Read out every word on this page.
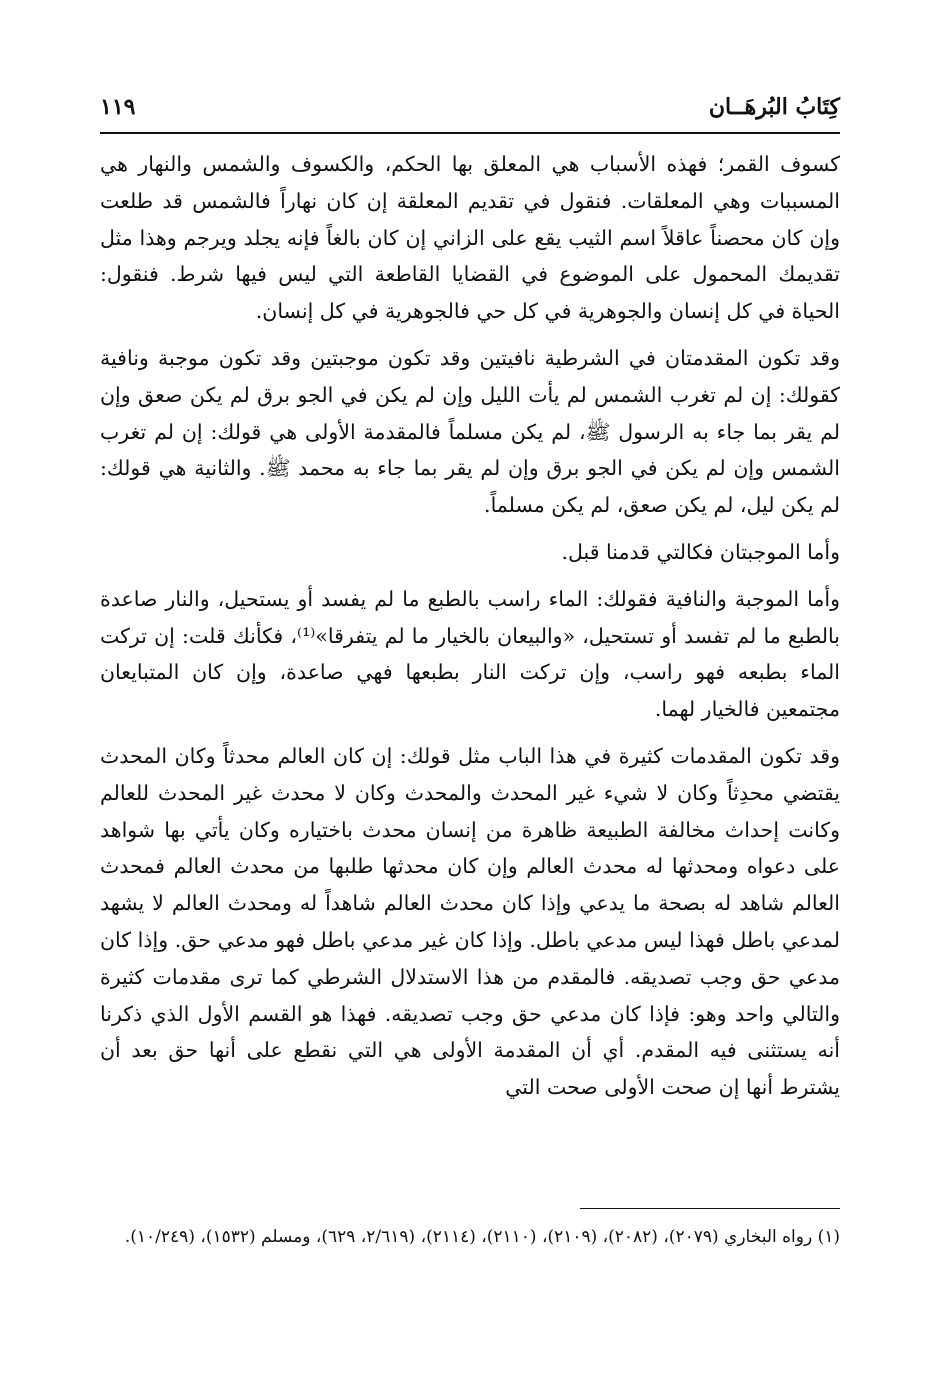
كِتَابُ البُرهَــان
١١٩

كسوف القمر؛ فهذه الأسباب هي المعلق بها الحكم، والكسوف والشمس والنهار هي المسببات وهي المعلقات. فنقول في تقديم المعلقة إن كان نهاراً فالشمس قد طلعت وإن كان محصناً عاقلاً اسم الثيب يقع على الزاني إن كان بالغاً فإنه يجلد ويرجم وهذا مثل تقديمك المحمول على الموضوع في القضايا القاطعة التي ليس فيها شرط. فنقول: الحياة في كل إنسان والجوهرية في كل حي فالجوهرية في كل إنسان.

وقد تكون المقدمتان في الشرطية نافيتين وقد تكون موجبتين وقد تكون موجبة ونافية كقولك: إن لم تغرب الشمس لم يأت الليل وإن لم يكن في الجو برق لم يكن صعق وإن لم يقر بما جاء به الرسول ﷺ، لم يكن مسلماً فالمقدمة الأولى هي قولك: إن لم تغرب الشمس وإن لم يكن في الجو برق وإن لم يقر بما جاء به محمد ﷺ. والثانية هي قولك: لم يكن ليل، لم يكن صعق، لم يكن مسلماً.

وأما الموجبتان فكالتي قدمنا قبل.

وأما الموجبة والنافية فقولك: الماء راسب بالطبع ما لم يفسد أو يستحيل، والنار صاعدة بالطبع ما لم تفسد أو تستحيل، «والبيعان بالخيار ما لم يتفرقا»⁽¹⁾، فكأنك قلت: إن تركت الماء بطبعه فهو راسب، وإن تركت النار بطبعها فهي صاعدة، وإن كان المتبايعان مجتمعين فالخيار لهما.

وقد تكون المقدمات كثيرة في هذا الباب مثل قولك: إن كان العالم محدثاً وكان المحدث يقتضي محدِثاً وكان لا شيء غير المحدث والمحدث وكان لا محدث غير المحدث للعالم وكانت إحداث مخالفة الطبيعة ظاهرة من إنسان محدث باختياره وكان يأتي بها شواهد على دعواه ومحدثها له محدث العالم وإن كان محدثها طلبها من محدث العالم فمحدث العالم شاهد له بصحة ما يدعي وإذا كان محدث العالم شاهداً له ومحدث العالم لا يشهد لمدعي باطل فهذا ليس مدعي باطل. وإذا كان غير مدعي باطل فهو مدعي حق. وإذا كان مدعي حق وجب تصديقه. فالمقدم من هذا الاستدلال الشرطي كما ترى مقدمات كثيرة والتالي واحد وهو: فإذا كان مدعي حق وجب تصديقه. فهذا هو القسم الأول الذي ذكرنا أنه يستثنى فيه المقدم. أي أن المقدمة الأولى هي التي نقطع على أنها حق بعد أن يشترط أنها إن صحت الأولى صحت التي

(١) رواه البخاري (٢٠٧٩)، (٢٠٨٢)، (٢١٠٩)، (٢١١٠)، (٢١١٤)، (٢/٦١٩، ٦٢٩)، ومسلم (١٥٣٢)، (١٠/٢٤٩).
